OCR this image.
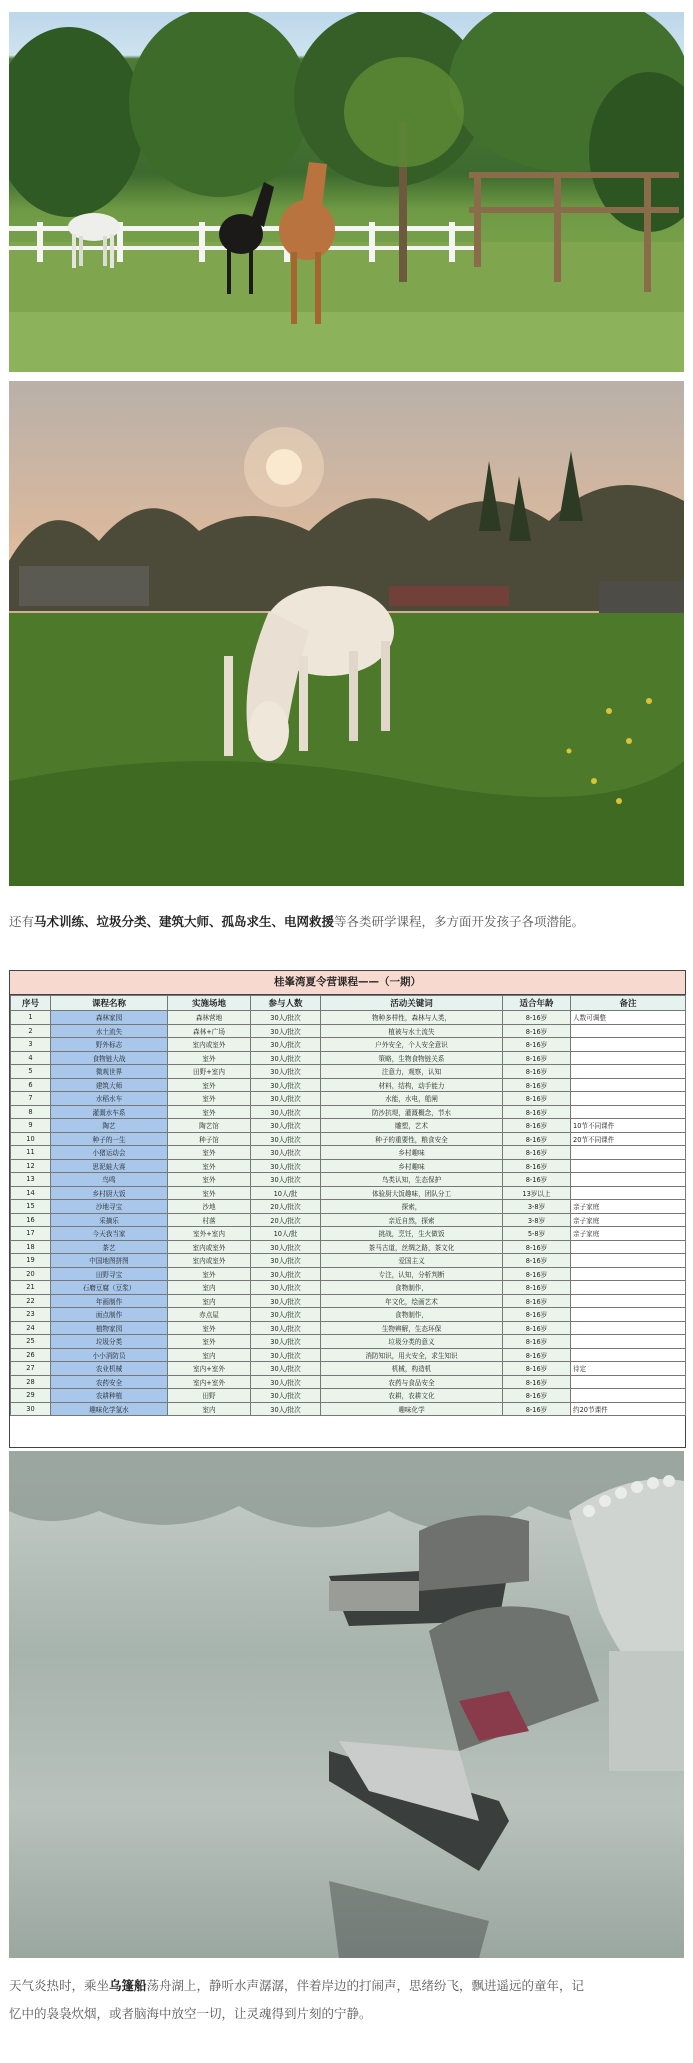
还有马术训练、垃圾分类、建筑大师、孤岛求生、电网救援等各类研学课程，多方面开发孩子各项潜能。
桂峯湾夏令营课程——（一期）
序号	课程名称	实施场地	参与人数	活动关键词	适合年龄	备注
1	森林家园	森林营地	30人/批次	物种多样性，森林与人类，	8-16岁	人数可调整
2	水土流失	森林+广场	30人/批次	植被与水土流失	8-16岁	
3	野外标志	室内或室外	30人/批次	户外安全，个人安全意识	8-16岁	
4	食物链大战	室外	30人/批次	策略，生物食物链关系	8-16岁	
5	微观世界	田野+室内	30人/批次	注意力，观察，认知	8-16岁	
6	建筑大师	室外	30人/批次	材料，结构，动手能力	8-16岁	
7	水稻水车	室外	30人/批次	水能，水电，船闸	8-16岁	
8	灌溉水车系	室外	30人/批次	防沙抗堤，灌溉概念，节水	8-16岁	
9	陶艺	陶艺馆	30人/批次	雕塑，艺术	8-16岁	10节不同课件
10	种子的一生	种子馆	30人/批次	种子的重要性，粮食安全	8-16岁	20节不同课件
11	小猪运动会	室外	30人/批次	乡村趣味	8-16岁	
12	思泥蛙大赛	室外	30人/批次	乡村趣味	8-16岁	
13	鸟鸣	室外	30人/批次	鸟类认知，生态保护	8-16岁	
14	乡村厨大饭	室外	10人/批	体验厨大饭趣味，团队分工	13岁以上	
15	沙地寻宝	沙地	20人/批次	探索，	3-8岁	亲子家庭
16	采摘乐	村落	20人/批次	亲近自然，探索	3-8岁	亲子家庭
17	今天我当家	室外+室内	10人/批	挑战，烹饪，生火做饭	5-8岁	亲子家庭
18	茶艺	室内或室外	30人/批次	茶马古道，丝绸之路，茶文化	8-16岁	
19	中国地图拼图	室内或室外	30人/批次	爱国主义	8-16岁	
20	田野寻宝	室外	30人/批次	专注，认知，分析判断	8-16岁	
21	石磨豆腐（豆浆）	室内	30人/批次	食物制作，	8-16岁	
22	年画制作	室内	30人/批次	年文化，绘画艺术	8-16岁	
23	面点制作	赤点屋	30人/批次	食物制作，	8-16岁	
24	植物家园	室外	30人/批次	生物辨解，生态环保	8-16岁	
25	垃圾分类	室外	30人/批次	垃圾分类的意义	8-16岁	
26	小小消防员	室内	30人/批次	消防知识，用火安全，求生知识	8-16岁	
27	农业机械	室内+室外	30人/批次	机械，构造机	8-16岁	待定
28	农药安全	室内+室外	30人/批次	农药与食品安全	8-16岁	
29	农耕种植	田野	30人/批次	农耕，农耕文化	8-16岁	
30	趣味化学氢水	室内	30人/批次	趣味化学	8-16岁	约20节课件
天气炎热时，乘坐乌篷船荡舟湖上，静听水声潺潺，伴着岸边的打闹声，思绪纷飞，飘进遥远的童年，记
忆中的袅袅炊烟，或者脑海中放空一切，让灵魂得到片刻的宁静。
